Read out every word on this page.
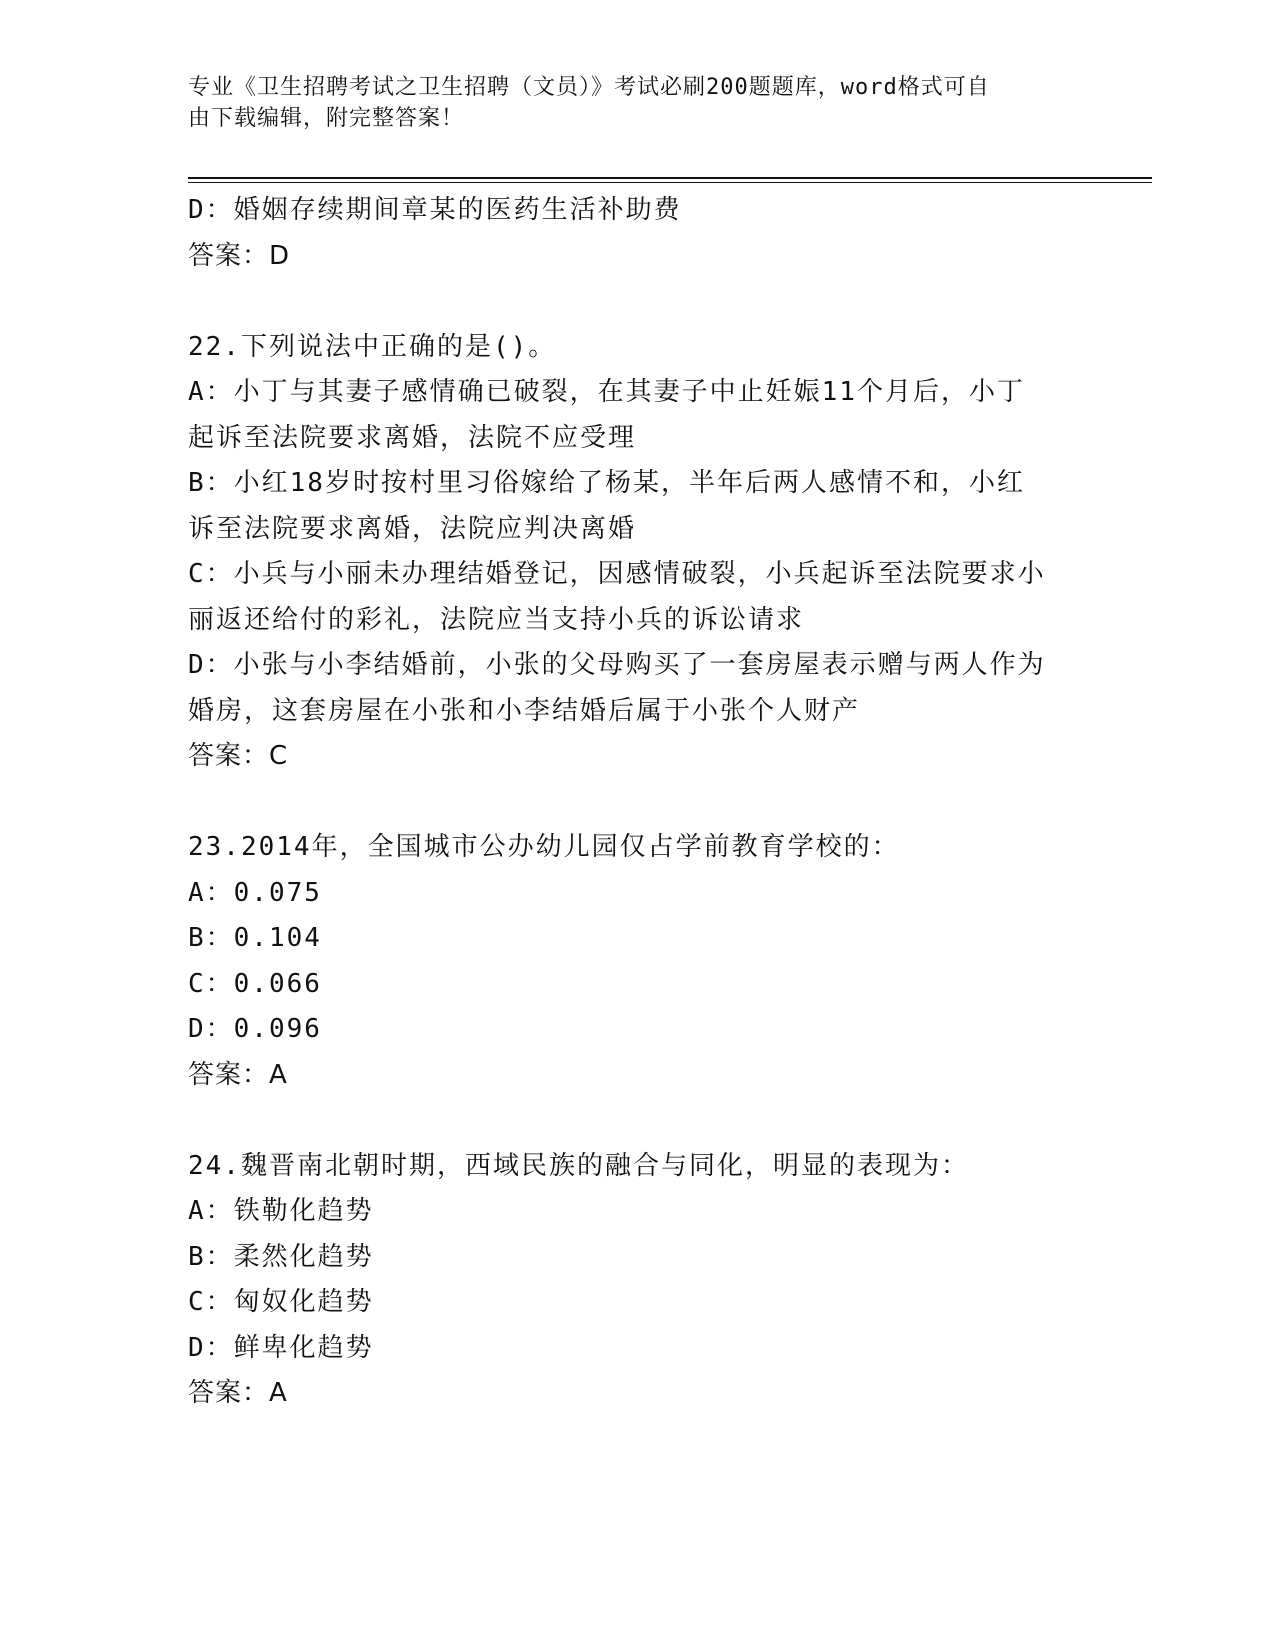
专业《卫生招聘考试之卫生招聘（文员）》考试必刷200题题库，word格式可自
由下载编辑，附完整答案！
D：婚姻存续期间章某的医药生活补助费
答案：D
22.下列说法中正确的是()。
A：小丁与其妻子感情确已破裂，在其妻子中止妊娠11个月后，小丁
起诉至法院要求离婚，法院不应受理
B：小红18岁时按村里习俗嫁给了杨某，半年后两人感情不和，小红
诉至法院要求离婚，法院应判决离婚
C：小兵与小丽未办理结婚登记，因感情破裂，小兵起诉至法院要求小
丽返还给付的彩礼，法院应当支持小兵的诉讼请求
D：小张与小李结婚前，小张的父母购买了一套房屋表示赠与两人作为
婚房，这套房屋在小张和小李结婚后属于小张个人财产
答案：C
23.2014年，全国城市公办幼儿园仅占学前教育学校的：
A：0.075
B：0.104
C：0.066
D：0.096
答案：A
24.魏晋南北朝时期，西域民族的融合与同化，明显的表现为：
A：铁勒化趋势
B：柔然化趋势
C：匈奴化趋势
D：鲜卑化趋势
答案：A
